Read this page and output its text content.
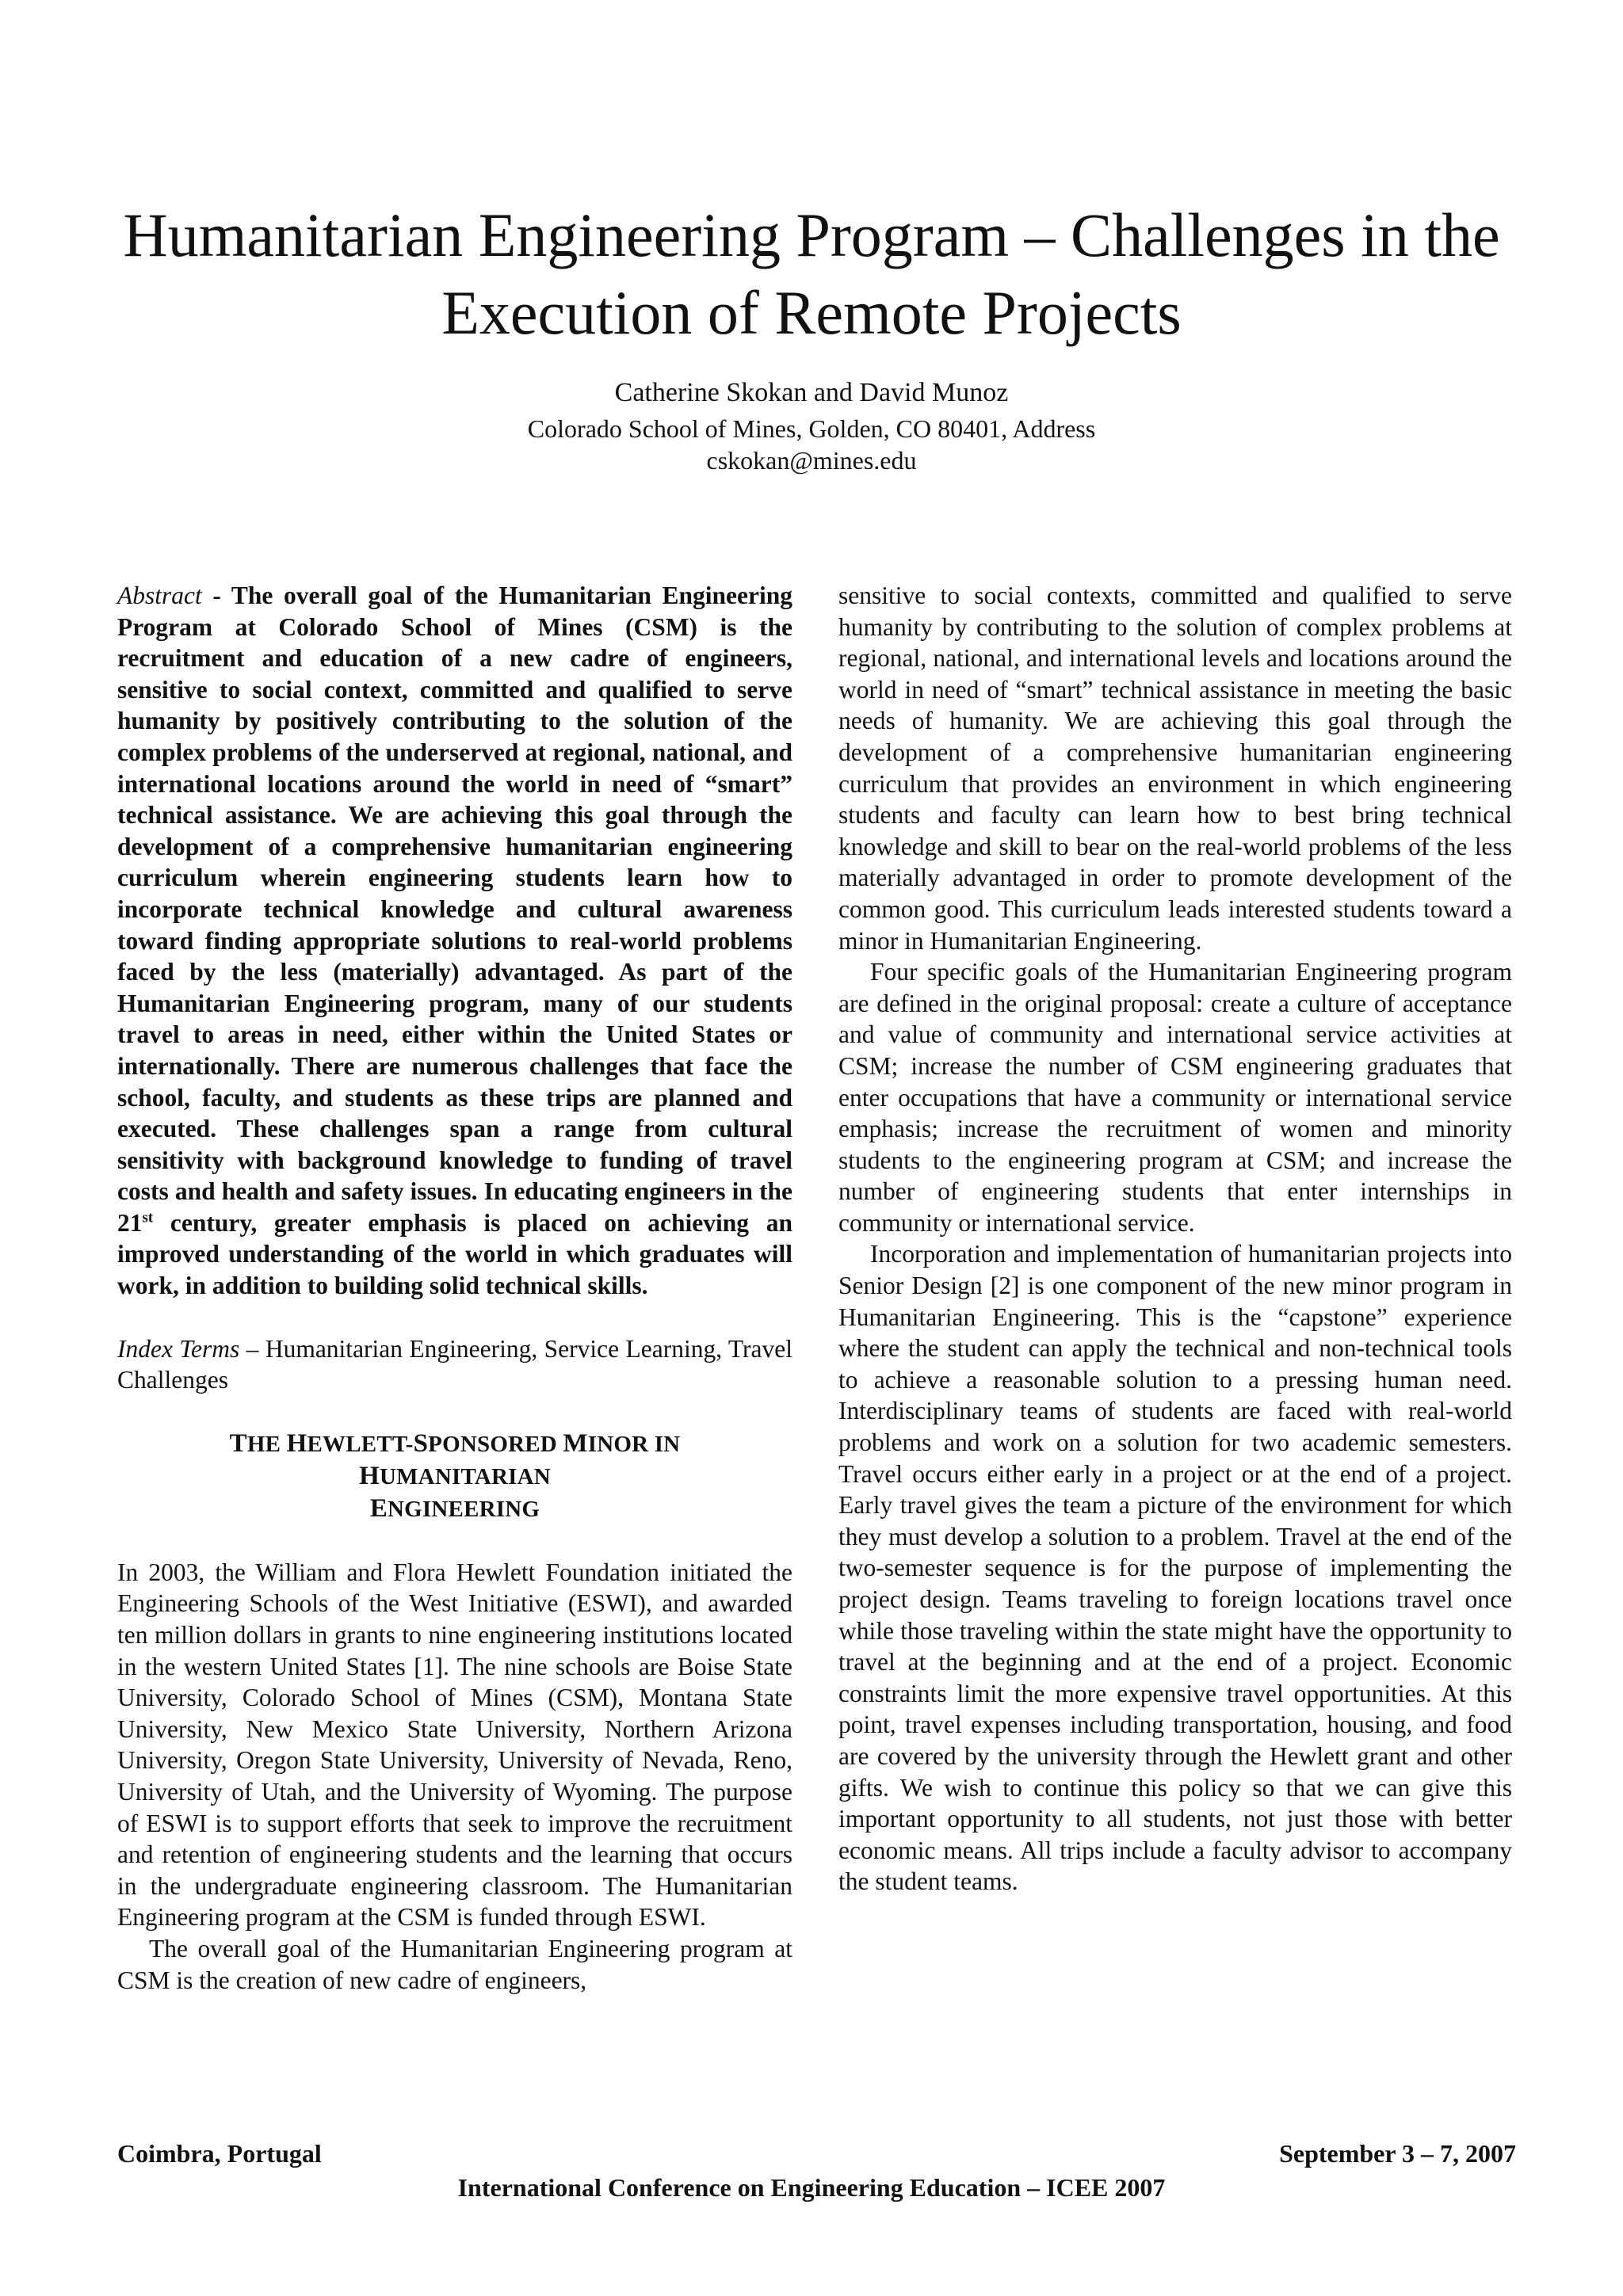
Humanitarian Engineering Program – Challenges in the Execution of Remote Projects
Catherine Skokan and David Munoz
Colorado School of Mines, Golden, CO 80401, Address
cskokan@mines.edu

Abstract - The overall goal of the Humanitarian Engineering Program at Colorado School of Mines (CSM) is the recruitment and education of a new cadre of engineers, sensitive to social context, committed and qualified to serve humanity by positively contributing to the solution of the complex problems of the underserved at regional, national, and international locations around the world in need of “smart” technical assistance. We are achieving this goal through the development of a comprehensive humanitarian engineering curriculum wherein engineering students learn how to incorporate technical knowledge and cultural awareness toward finding appropriate solutions to real-world problems faced by the less (materially) advantaged. As part of the Humanitarian Engineering program, many of our students travel to areas in need, either within the United States or internationally. There are numerous challenges that face the school, faculty, and students as these trips are planned and executed. These challenges span a range from cultural sensitivity with background knowledge to funding of travel costs and health and safety issues. In educating engineers in the 21st century, greater emphasis is placed on achieving an improved understanding of the world in which graduates will work, in addition to building solid technical skills.

Index Terms – Humanitarian Engineering, Service Learning, Travel Challenges

THE HEWLETT-SPONSORED MINOR IN HUMANITARIAN
ENGINEERING

In 2003, the William and Flora Hewlett Foundation initiated the Engineering Schools of the West Initiative (ESWI), and awarded ten million dollars in grants to nine engineering institutions located in the western United States [1]. The nine schools are Boise State University, Colorado School of Mines (CSM), Montana State University, New Mexico State University, Northern Arizona University, Oregon State University, University of Nevada, Reno, University of Utah, and the University of Wyoming. The purpose of ESWI is to support efforts that seek to improve the recruitment and retention of engineering students and the learning that occurs in the undergraduate engineering classroom. The Humanitarian Engineering program at the CSM is funded through ESWI.

The overall goal of the Humanitarian Engineering program at CSM is the creation of new cadre of engineers,

sensitive to social contexts, committed and qualified to serve humanity by contributing to the solution of complex problems at regional, national, and international levels and locations around the world in need of “smart” technical assistance in meeting the basic needs of humanity. We are achieving this goal through the development of a comprehensive humanitarian engineering curriculum that provides an environment in which engineering students and faculty can learn how to best bring technical knowledge and skill to bear on the real-world problems of the less materially advantaged in order to promote development of the common good. This curriculum leads interested students toward a minor in Humanitarian Engineering.

Four specific goals of the Humanitarian Engineering program are defined in the original proposal: create a culture of acceptance and value of community and international service activities at CSM; increase the number of CSM engineering graduates that enter occupations that have a community or international service emphasis; increase the recruitment of women and minority students to the engineering program at CSM; and increase the number of engineering students that enter internships in community or international service.

Incorporation and implementation of humanitarian projects into Senior Design [2] is one component of the new minor program in Humanitarian Engineering. This is the “capstone” experience where the student can apply the technical and non-technical tools to achieve a reasonable solution to a pressing human need. Interdisciplinary teams of students are faced with real-world problems and work on a solution for two academic semesters. Travel occurs either early in a project or at the end of a project. Early travel gives the team a picture of the environment for which they must develop a solution to a problem. Travel at the end of the two-semester sequence is for the purpose of implementing the project design. Teams traveling to foreign locations travel once while those traveling within the state might have the opportunity to travel at the beginning and at the end of a project. Economic constraints limit the more expensive travel opportunities. At this point, travel expenses including transportation, housing, and food are covered by the university through the Hewlett grant and other gifts. We wish to continue this policy so that we can give this important opportunity to all students, not just those with better economic means. All trips include a faculty advisor to accompany the student teams.

Coimbra, Portugal	September 3 – 7, 2007
International Conference on Engineering Education – ICEE 2007
